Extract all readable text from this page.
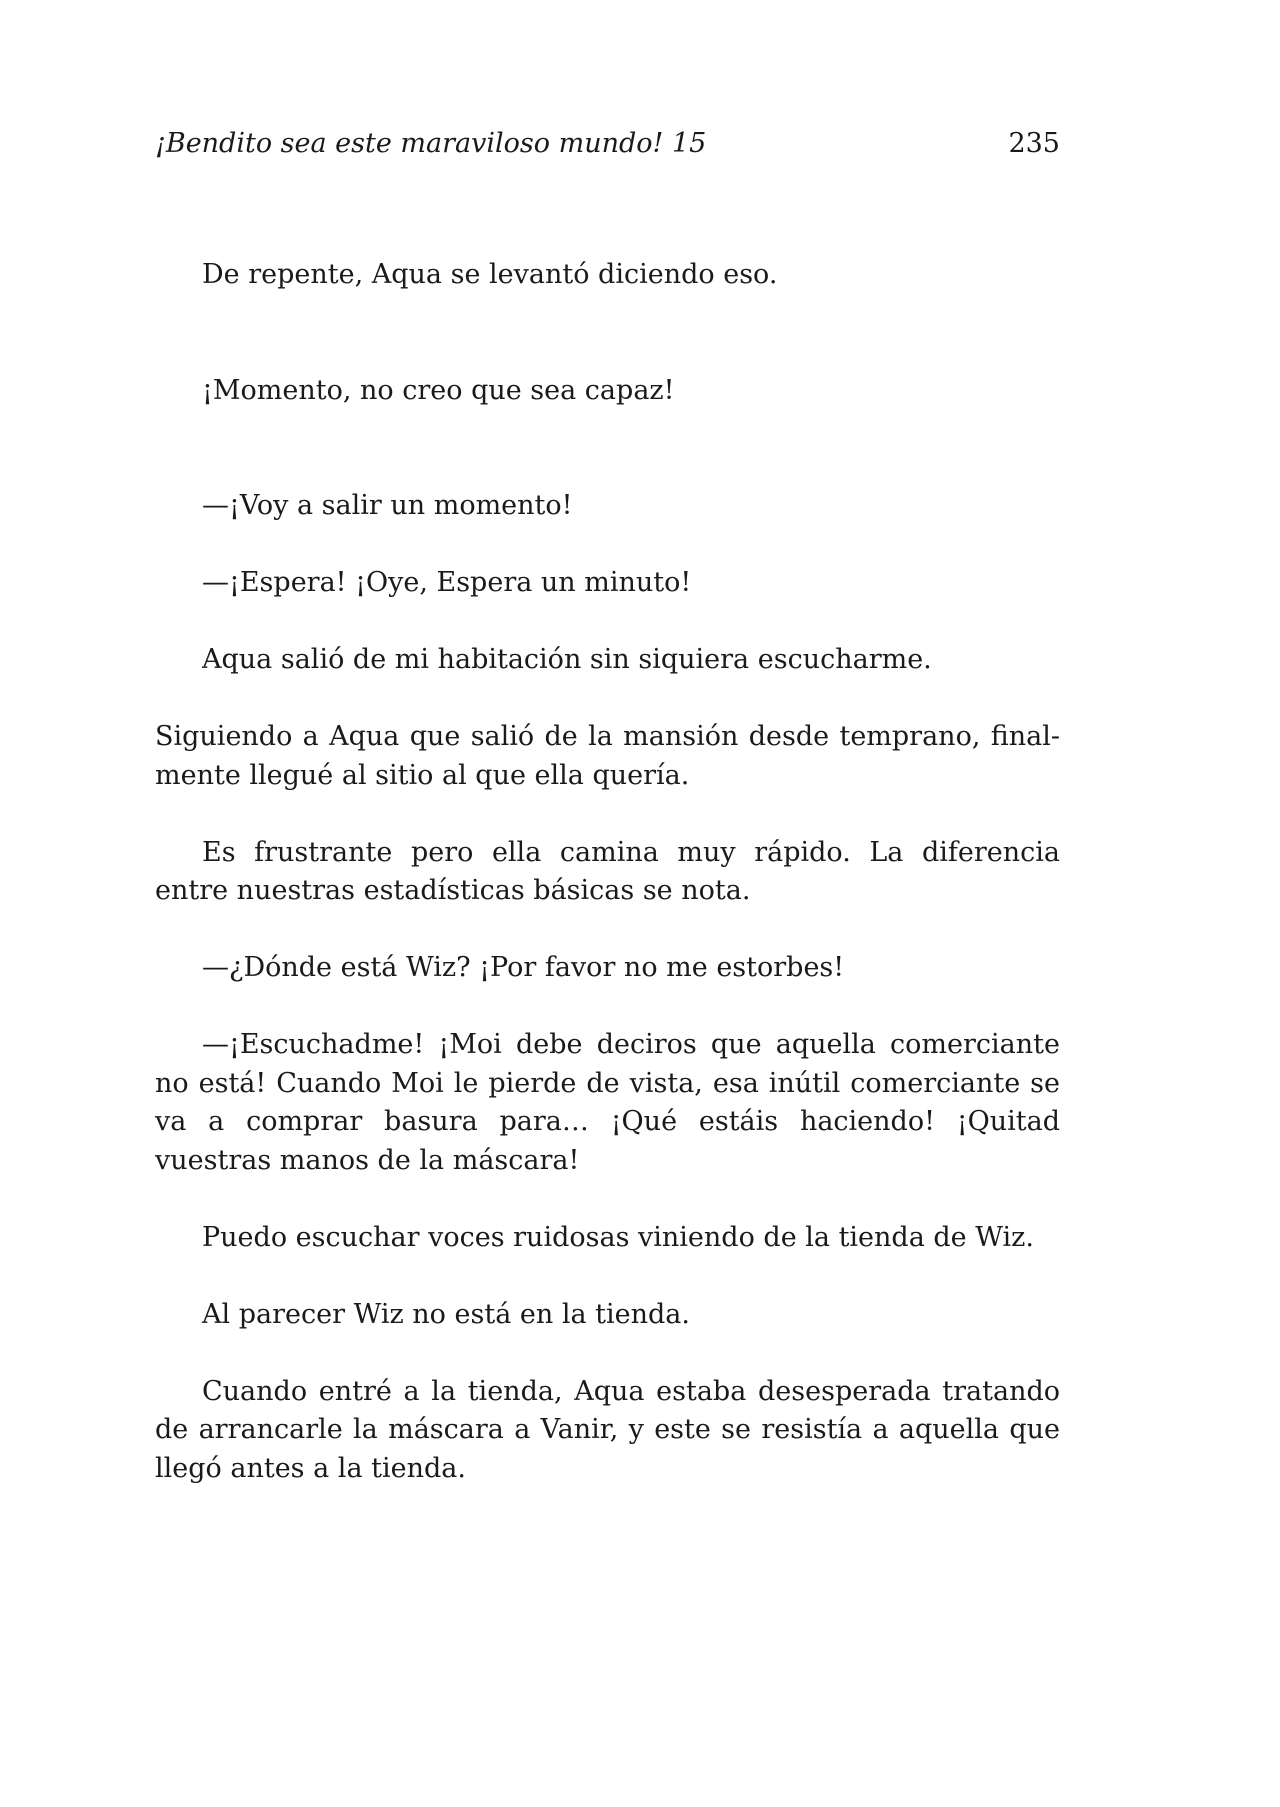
¡Bendito sea este maraviloso mundo! 15	235

De repente, Aqua se levantó diciendo eso.

¡Momento, no creo que sea capaz!

—¡Voy a salir un momento!

—¡Espera! ¡Oye, Espera un minuto!

Aqua salió de mi habitación sin siquiera escucharme.

Siguiendo a Aqua que salió de la mansión desde temprano, finalmente llegué al sitio al que ella quería.

Es frustrante pero ella camina muy rápido. La diferencia entre nuestras estadísticas básicas se nota.

—¿Dónde está Wiz? ¡Por favor no me estorbes!

—¡Escuchadme! ¡Moi debe deciros que aquella comerciante no está! Cuando Moi le pierde de vista, esa inútil comerciante se va a comprar basura para… ¡Qué estáis haciendo! ¡Quitad vuestras manos de la máscara!

Puedo escuchar voces ruidosas viniendo de la tienda de Wiz.

Al parecer Wiz no está en la tienda.

Cuando entré a la tienda, Aqua estaba desesperada tratando de arrancarle la máscara a Vanir, y este se resistía a aquella que llegó antes a la tienda.
